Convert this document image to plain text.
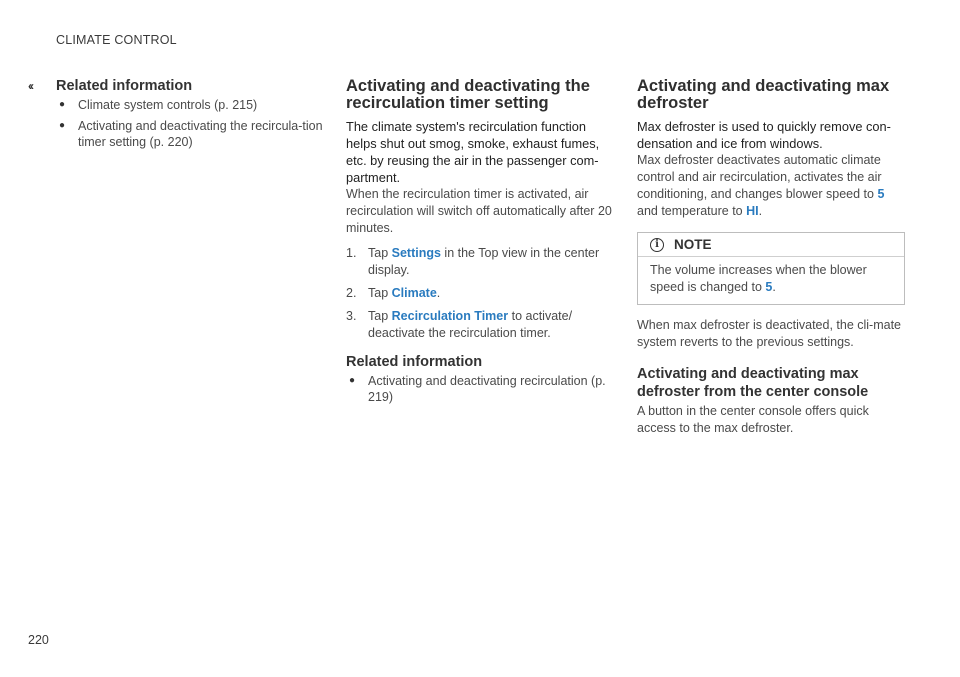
CLIMATE CONTROL
‹‹ Related information
● Climate system controls (p. 215)
● Activating and deactivating the recircula-tion timer setting (p. 220)
Activating and deactivating the recirculation timer setting

The climate system's recirculation function helps shut out smog, smoke, exhaust fumes, etc. by reusing the air in the passenger com-partment.

When the recirculation timer is activated, air recirculation will switch off automatically after 20 minutes.

1. Tap Settings in the Top view in the center display.
2. Tap Climate.
3. Tap Recirculation Timer to activate/ deactivate the recirculation timer.
Related information
● Activating and deactivating recirculation (p. 219)
Activating and deactivating max defroster

Max defroster is used to quickly remove con-densation and ice from windows.

Max defroster deactivates automatic climate control and air recirculation, activates the air conditioning, and changes blower speed to 5 and temperature to HI.

i	NOTE

The volume increases when the blower speed is changed to 5.

When max defroster is deactivated, the cli-mate system reverts to the previous settings.

Activating and deactivating max defroster from the center console

A button in the center console offers quick access to the max defroster.

220
